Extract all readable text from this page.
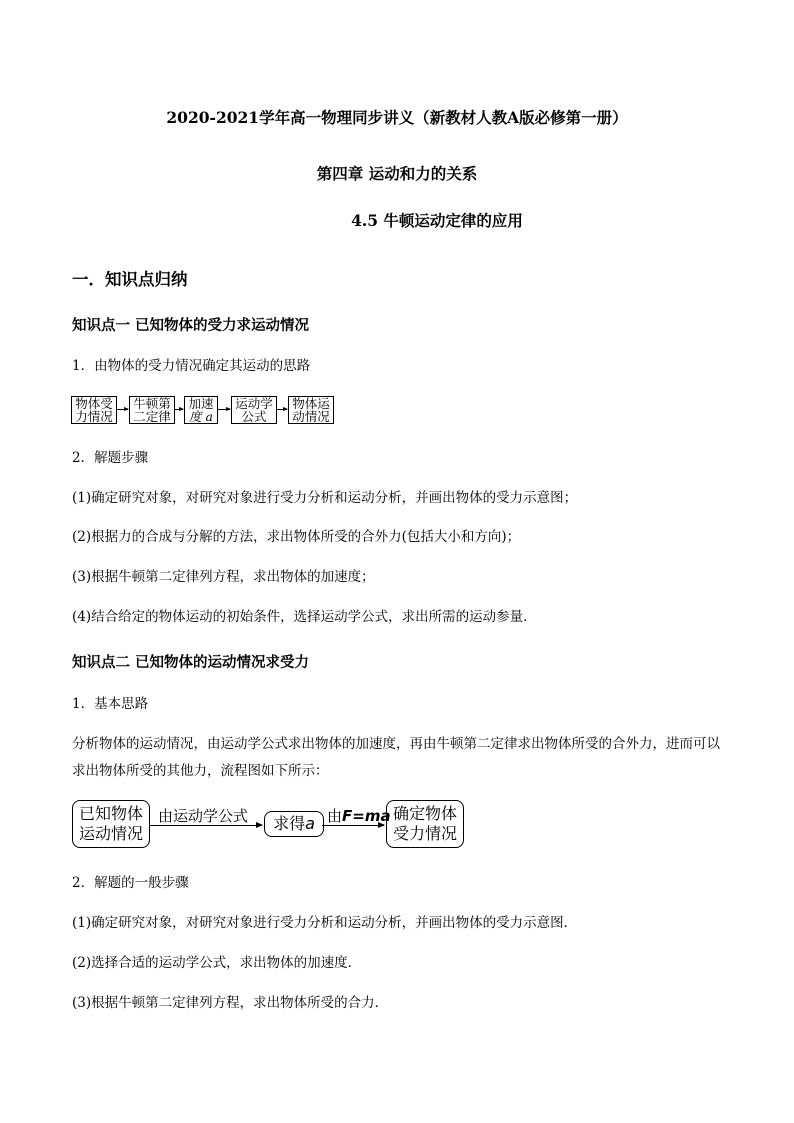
2020-2021学年高一物理同步讲义（新教材人教A版必修第一册）
第四章 运动和力的关系
4.5 牛顿运动定律的应用
一．知识点归纳
知识点一 已知物体的受力求运动情况
1．由物体的受力情况确定其运动的思路
物体受
力情况
牛顿第
二定律
加速
度 a
运动学
公式
物体运
动情况
2．解题步骤
(1)确定研究对象，对研究对象进行受力分析和运动分析，并画出物体的受力示意图；
(2)根据力的合成与分解的方法，求出物体所受的合外力(包括大小和方向)；
(3)根据牛顿第二定律列方程，求出物体的加速度；
(4)结合给定的物体运动的初始条件，选择运动学公式，求出所需的运动参量．
知识点二 已知物体的运动情况求受力
1．基本思路
分析物体的运动情况，由运动学公式求出物体的加速度，再由牛顿第二定律求出物体所受的合外力，进而可以求出物体所受的其他力，流程图如下所示：
已知物体
运动情况
由运动学公式	求得a 由F=ma 确定物体
受力情况
2．解题的一般步骤
(1)确定研究对象，对研究对象进行受力分析和运动分析，并画出物体的受力示意图．
(2)选择合适的运动学公式，求出物体的加速度．
(3)根据牛顿第二定律列方程，求出物体所受的合力．
